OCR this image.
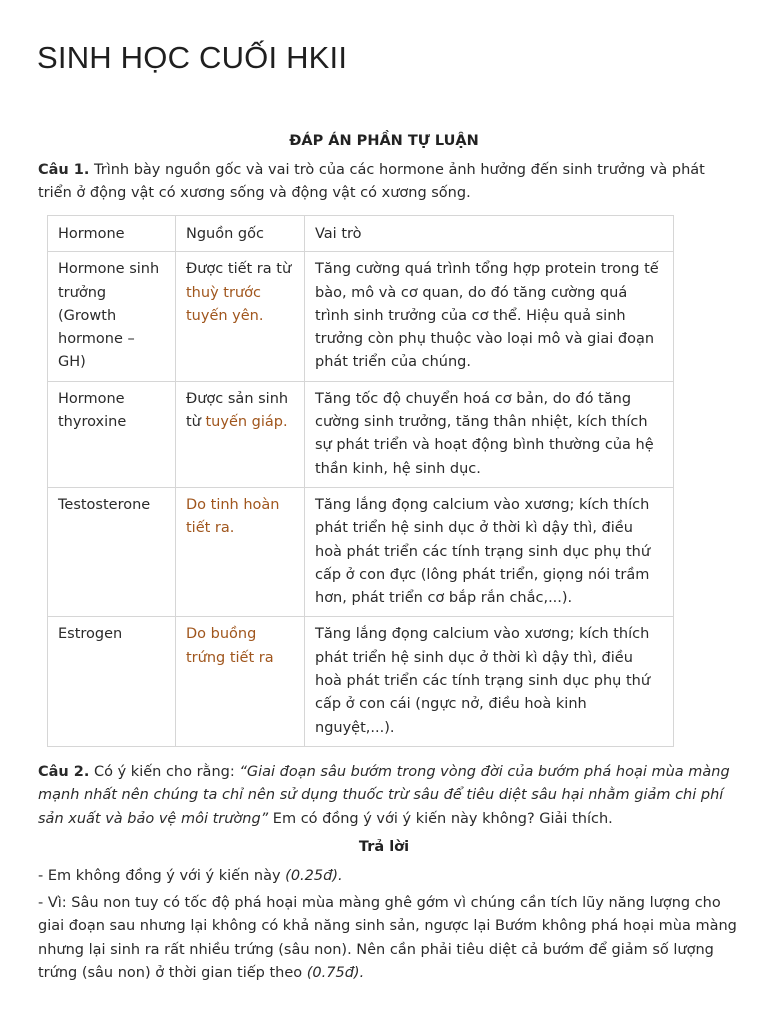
SINH HỌC CUỐI HKII
ĐÁP ÁN PHẦN TỰ LUẬN
Câu 1. Trình bày nguồn gốc và vai trò của các hormone ảnh hưởng đến sinh trưởng và phát triển ở động vật có xương sống và động vật có xương sống.
Hormone	Nguồn gốc	Vai trò
Hormone sinh trưởng (Growth hormone – GH)	Được tiết ra từ thuỳ trước tuyến yên.	Tăng cường quá trình tổng hợp protein trong tế bào, mô và cơ quan, do đó tăng cường quá trình sinh trưởng của cơ thể. Hiệu quả sinh trưởng còn phụ thuộc vào loại mô và giai đoạn phát triển của chúng.
Hormone thyroxine	Được sản sinh từ tuyến giáp.	Tăng tốc độ chuyển hoá cơ bản, do đó tăng cường sinh trưởng, tăng thân nhiệt, kích thích sự phát triển và hoạt động bình thường của hệ thần kinh, hệ sinh dục.
Testosterone	Do tinh hoàn tiết ra.	Tăng lắng đọng calcium vào xương; kích thích phát triển hệ sinh dục ở thời kì dậy thì, điều hoà phát triển các tính trạng sinh dục phụ thứ cấp ở con đực (lông phát triển, giọng nói trầm hơn, phát triển cơ bắp rắn chắc,...).
Estrogen	Do buồng trứng tiết ra	Tăng lắng đọng calcium vào xương; kích thích phát triển hệ sinh dục ở thời kì dậy thì, điều hoà phát triển các tính trạng sinh dục phụ thứ cấp ở con cái (ngực nở, điều hoà kinh nguyệt,...).
Câu 2. Có ý kiến cho rằng: “Giai đoạn sâu bướm trong vòng đời của bướm phá hoại mùa màng mạnh nhất nên chúng ta chỉ nên sử dụng thuốc trừ sâu để tiêu diệt sâu hại nhằm giảm chi phí sản xuất và bảo vệ môi trường” Em có đồng ý với ý kiến này không? Giải thích.
Trả lời
- Em không đồng ý với ý kiến này (0.25đ).
- Vì: Sâu non tuy có tốc độ phá hoại mùa màng ghê gớm vì chúng cần tích lũy năng lượng cho giai đoạn sau nhưng lại không có khả năng sinh sản, ngược lại Bướm không phá hoại mùa màng nhưng lại sinh ra rất nhiều trứng (sâu non). Nên cần phải tiêu diệt cả bướm để giảm số lượng trứng (sâu non) ở thời gian tiếp theo (0.75đ).
